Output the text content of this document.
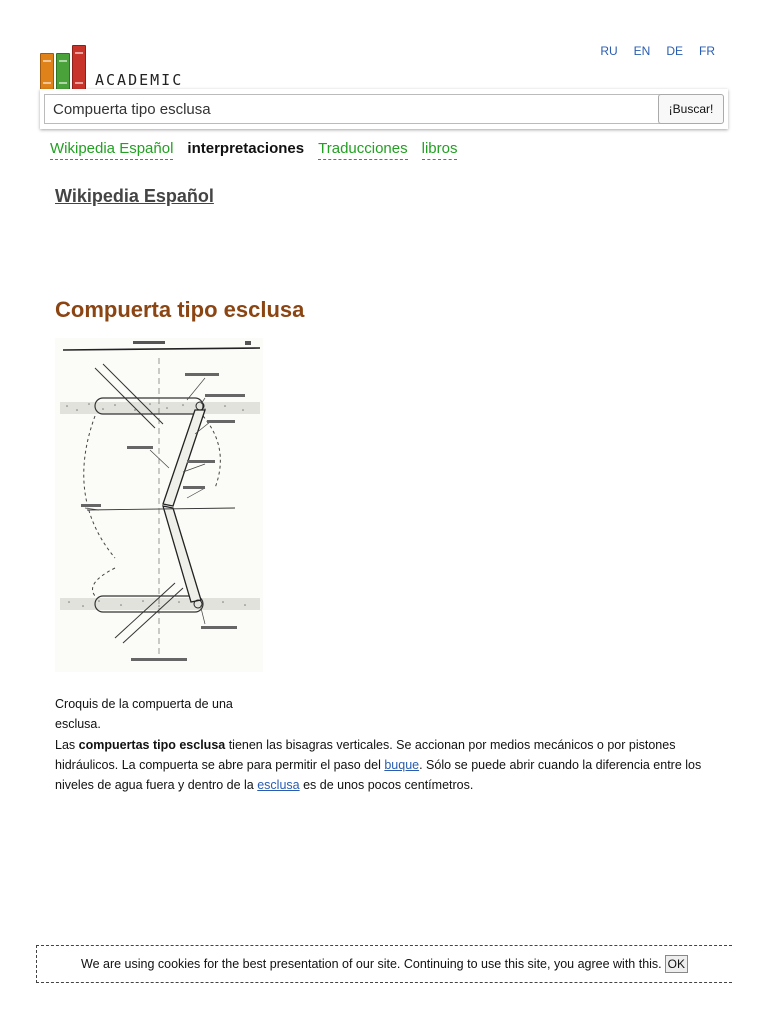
ACADEMIC
RU EN DE FR
Compuerta tipo esclusa
¡Buscar!
Wikipedia Español interpretaciones Traducciones libros
Wikipedia Español
Compuerta tipo esclusa
Croquis de la compuerta de una esclusa.

Las compuertas tipo esclusa tienen las bisagras verticales. Se accionan por medios mecánicos o por pistones hidráulicos. La compuerta se abre para permitir el paso del buque. Sólo se puede abrir cuando la diferencia entre los niveles de agua fuera y dentro de la esclusa es de unos pocos centímetros.

We are using cookies for the best presentation of our site. Continuing to use this site, you agree with this. OK
